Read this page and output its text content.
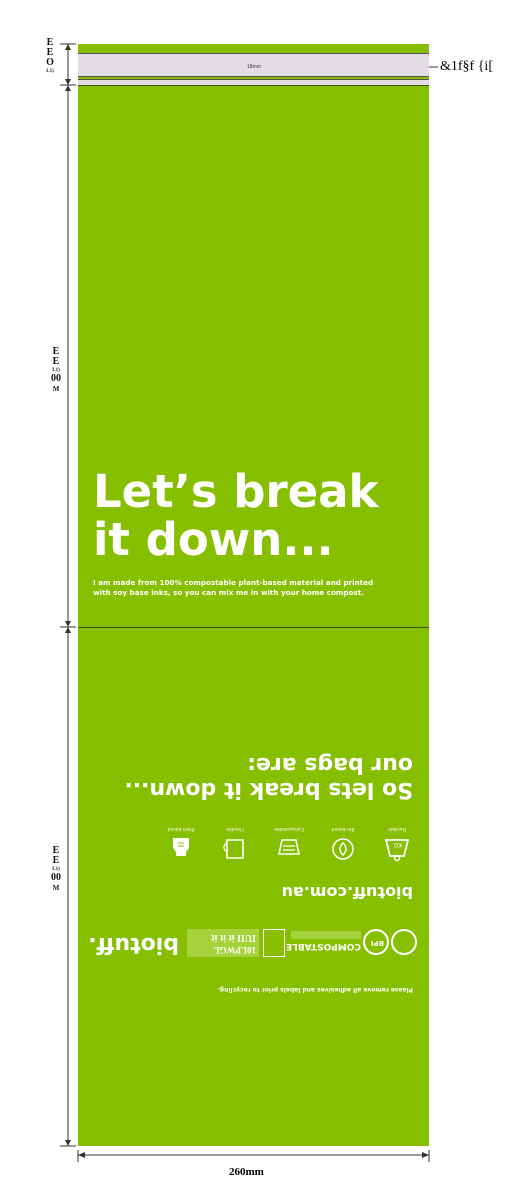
E
E
O
L1)
E
E
L1)
00
M
E
E
L1)
00
M
18mm	&1f§f {i[
Let’s break
it down...
I am made from 100% compostable plant-based material and printed
with soy base inks, so you can mix me in with your home compost.
So lets break it down...
our bags are:
KG
Durable
Bio-based
Compostable
Flexible
Plant based
biotuff.com.au
BPI
COMPOSTABLE
10LPWGL
IUII it it it
biotuff.
Please remove all adhesives and labels prior to recycling.
260mm
